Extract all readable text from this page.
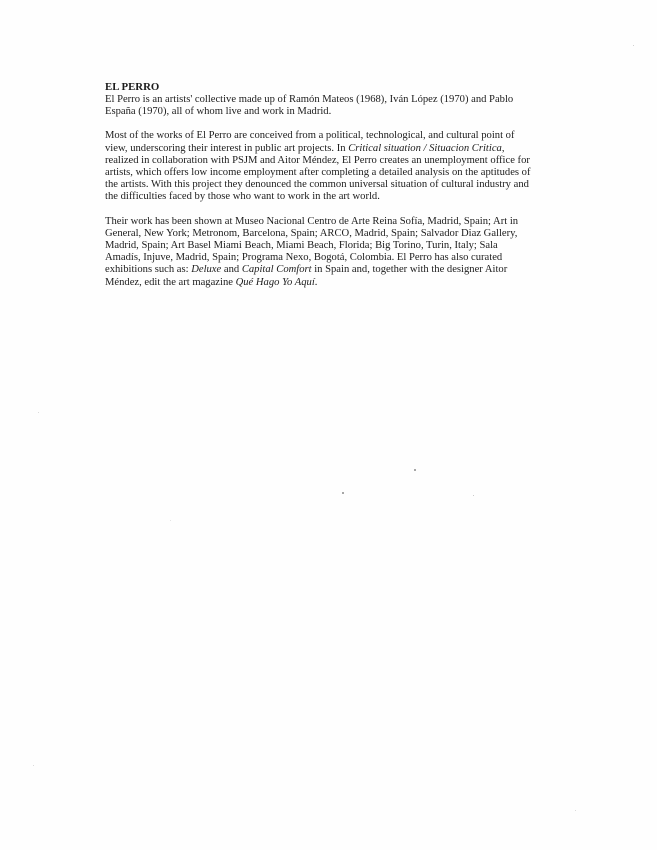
EL PERRO

El Perro is an artists' collective made up of Ramón Mateos (1968), Iván López (1970) and Pablo España (1970), all of whom live and work in Madrid.

Most of the works of El Perro are conceived from a political, technological, and cultural point of view, underscoring their interest in public art projects. In Critical situation / Situacion Critica, realized in collaboration with PSJM and Aitor Méndez, El Perro creates an unemployment office for artists, which offers low income employment after completing a detailed analysis on the aptitudes of the artists. With this project they denounced the common universal situation of cultural industry and the difficulties faced by those who want to work in the art world.

Their work has been shown at Museo Nacional Centro de Arte Reina Sofía, Madrid, Spain; Art in General, New York; Metronom, Barcelona, Spain; ARCO, Madrid, Spain; Salvador Diaz Gallery, Madrid, Spain; Art Basel Miami Beach, Miami Beach, Florida; Big Torino, Turin, Italy; Sala Amadís, Injuve, Madrid, Spain; Programa Nexo, Bogotá, Colombia. El Perro has also curated exhibitions such as: Deluxe and Capital Comfort in Spain and, together with the designer Aitor Méndez, edit the art magazine Qué Hago Yo Aquí.
